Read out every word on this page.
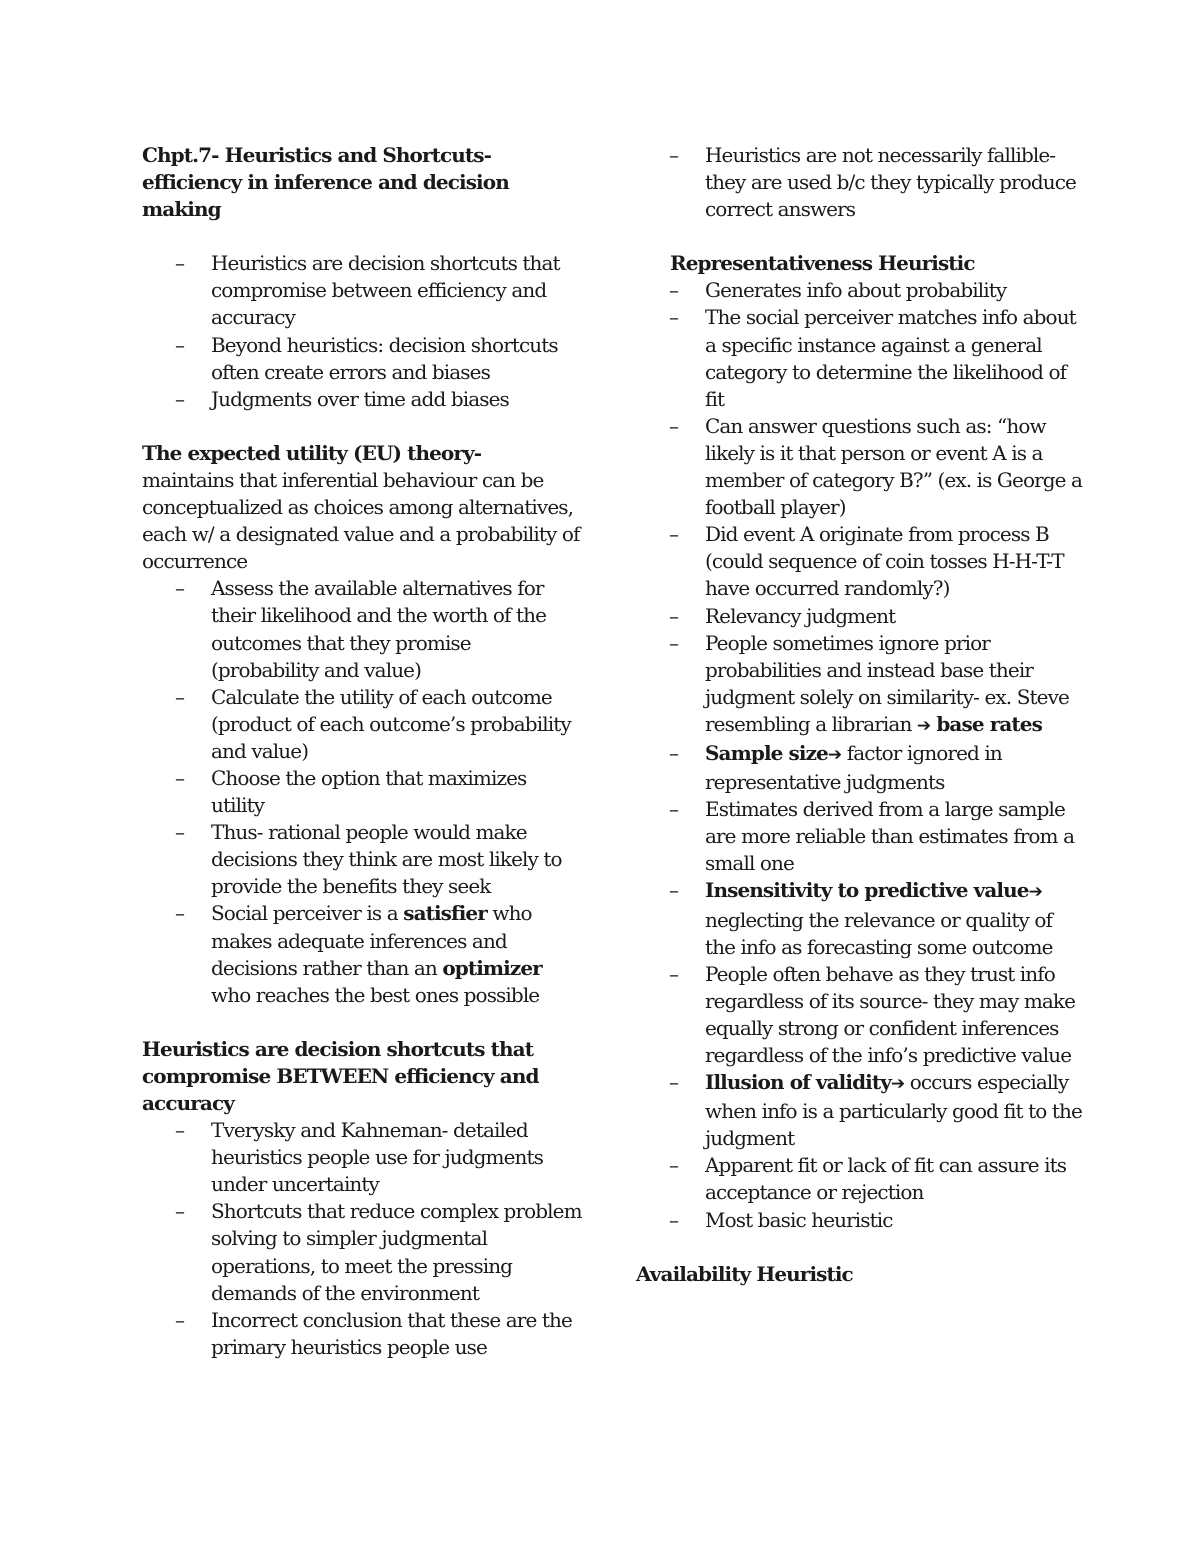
Chpt.7- Heuristics and Shortcuts- efficiency in inference and decision making
– Heuristics are decision shortcuts that compromise between efficiency and accuracy
– Beyond heuristics: decision shortcuts often create errors and biases
– Judgments over time add biases
The expected utility (EU) theory-
maintains that inferential behaviour can be conceptualized as choices among alternatives, each w/ a designated value and a probability of occurrence
– Assess the available alternatives for their likelihood and the worth of the outcomes that they promise (probability and value)
– Calculate the utility of each outcome (product of each outcome’s probability and value)
– Choose the option that maximizes utility
– Thus- rational people would make decisions they think are most likely to provide the benefits they seek
– Social perceiver is a satisfier who makes adequate inferences and decisions rather than an optimizer who reaches the best ones possible
Heuristics are decision shortcuts that compromise BETWEEN efficiency and accuracy
– Tverysky and Kahneman- detailed heuristics people use for judgments under uncertainty
– Shortcuts that reduce complex problem solving to simpler judgmental operations, to meet the pressing demands of the environment
– Incorrect conclusion that these are the primary heuristics people use
– Heuristics are not necessarily fallible- they are used b/c they typically produce correct answers
Representativeness Heuristic
– Generates info about probability
– The social perceiver matches info about a specific instance against a general category to determine the likelihood of fit
– Can answer questions such as: “how likely is it that person or event A is a member of category B?” (ex. is George a football player)
– Did event A originate from process B (could sequence of coin tosses H-H-T-T have occurred randomly?)
– Relevancy judgment
– People sometimes ignore prior probabilities and instead base their judgment solely on similarity- ex. Steve resembling a librarian ➔ base rates
– Sample size➔ factor ignored in representative judgments
– Estimates derived from a large sample are more reliable than estimates from a small one
– Insensitivity to predictive value➔ neglecting the relevance or quality of the info as forecasting some outcome
– People often behave as they trust info regardless of its source- they may make equally strong or confident inferences regardless of the info’s predictive value
– Illusion of validity➔ occurs especially when info is a particularly good fit to the judgment
– Apparent fit or lack of fit can assure its acceptance or rejection
– Most basic heuristic
Availability Heuristic
